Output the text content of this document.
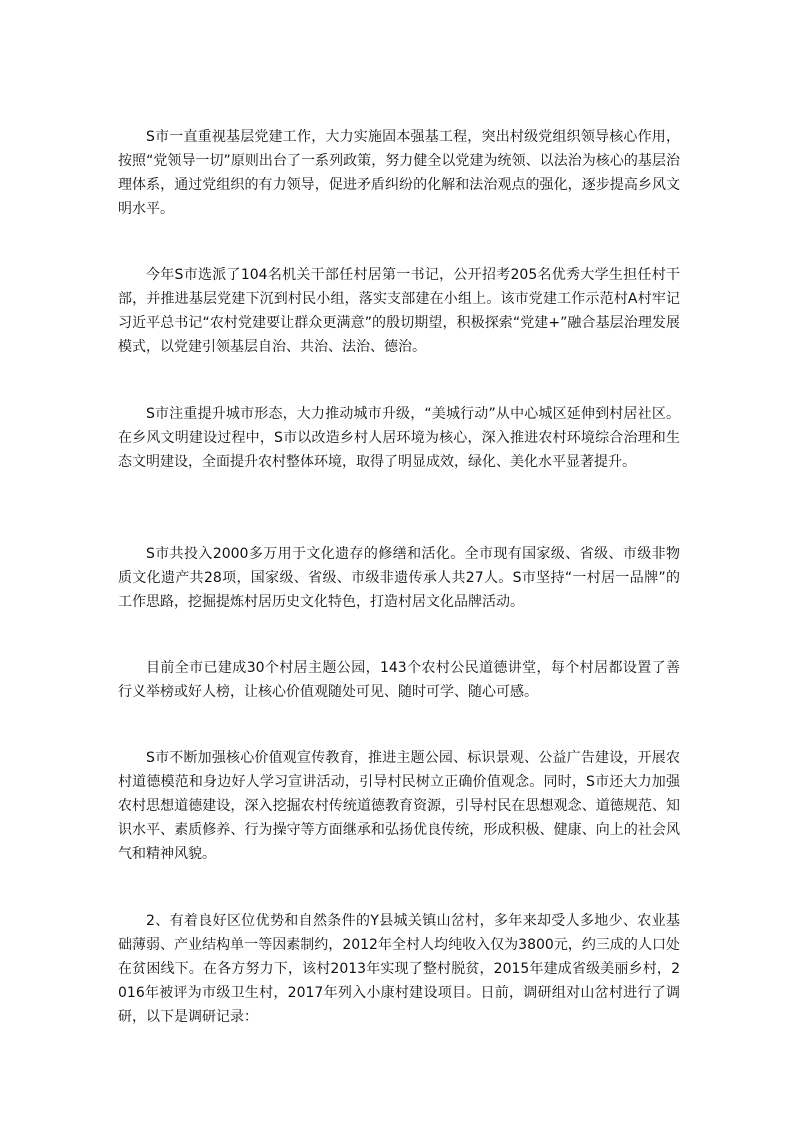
S市一直重视基层党建工作，大力实施固本强基工程，突出村级党组织领导核心作用，按照“党领导一切”原则出台了一系列政策，努力健全以党建为统领、以法治为核心的基层治理体系，通过党组织的有力领导，促进矛盾纠纷的化解和法治观点的强化，逐步提高乡风文明水平。

今年S市选派了104名机关干部任村居第一书记，公开招考205名优秀大学生担任村干部，并推进基层党建下沉到村民小组，落实支部建在小组上。该市党建工作示范村A村牢记习近平总书记“农村党建要让群众更满意”的殷切期望，积极探索“党建+”融合基层治理发展模式，以党建引领基层自治、共治、法治、德治。

S市注重提升城市形态，大力推动城市升级，“美城行动”从中心城区延伸到村居社区。在乡风文明建设过程中，S市以改造乡村人居环境为核心，深入推进农村环境综合治理和生态文明建设，全面提升农村整体环境，取得了明显成效，绿化、美化水平显著提升。

S市共投入2000多万用于文化遗存的修缮和活化。全市现有国家级、省级、市级非物质文化遗产共28项，国家级、省级、市级非遗传承人共27人。S市坚持“一村居一品牌”的工作思路，挖掘提炼村居历史文化特色，打造村居文化品牌活动。

目前全市已建成30个村居主题公园，143个农村公民道德讲堂，每个村居都设置了善行义举榜或好人榜，让核心价值观随处可见、随时可学、随心可感。

S市不断加强核心价值观宣传教育，推进主题公园、标识景观、公益广告建设，开展农村道德模范和身边好人学习宣讲活动，引导村民树立正确价值观念。同时，S市还大力加强农村思想道德建设，深入挖掘农村传统道德教育资源，引导村民在思想观念、道德规范、知识水平、素质修养、行为操守等方面继承和弘扬优良传统，形成积极、健康、向上的社会风气和精神风貌。

2、有着良好区位优势和自然条件的Y县城关镇山岔村，多年来却受人多地少、农业基础薄弱、产业结构单一等因素制约，2012年全村人均纯收入仅为3800元，约三成的人口处在贫困线下。在各方努力下，该村2013年实现了整村脱贫，2015年建成省级美丽乡村，2016年被评为市级卫生村，2017年列入小康村建设项目。日前，调研组对山岔村进行了调研，以下是调研记录：
